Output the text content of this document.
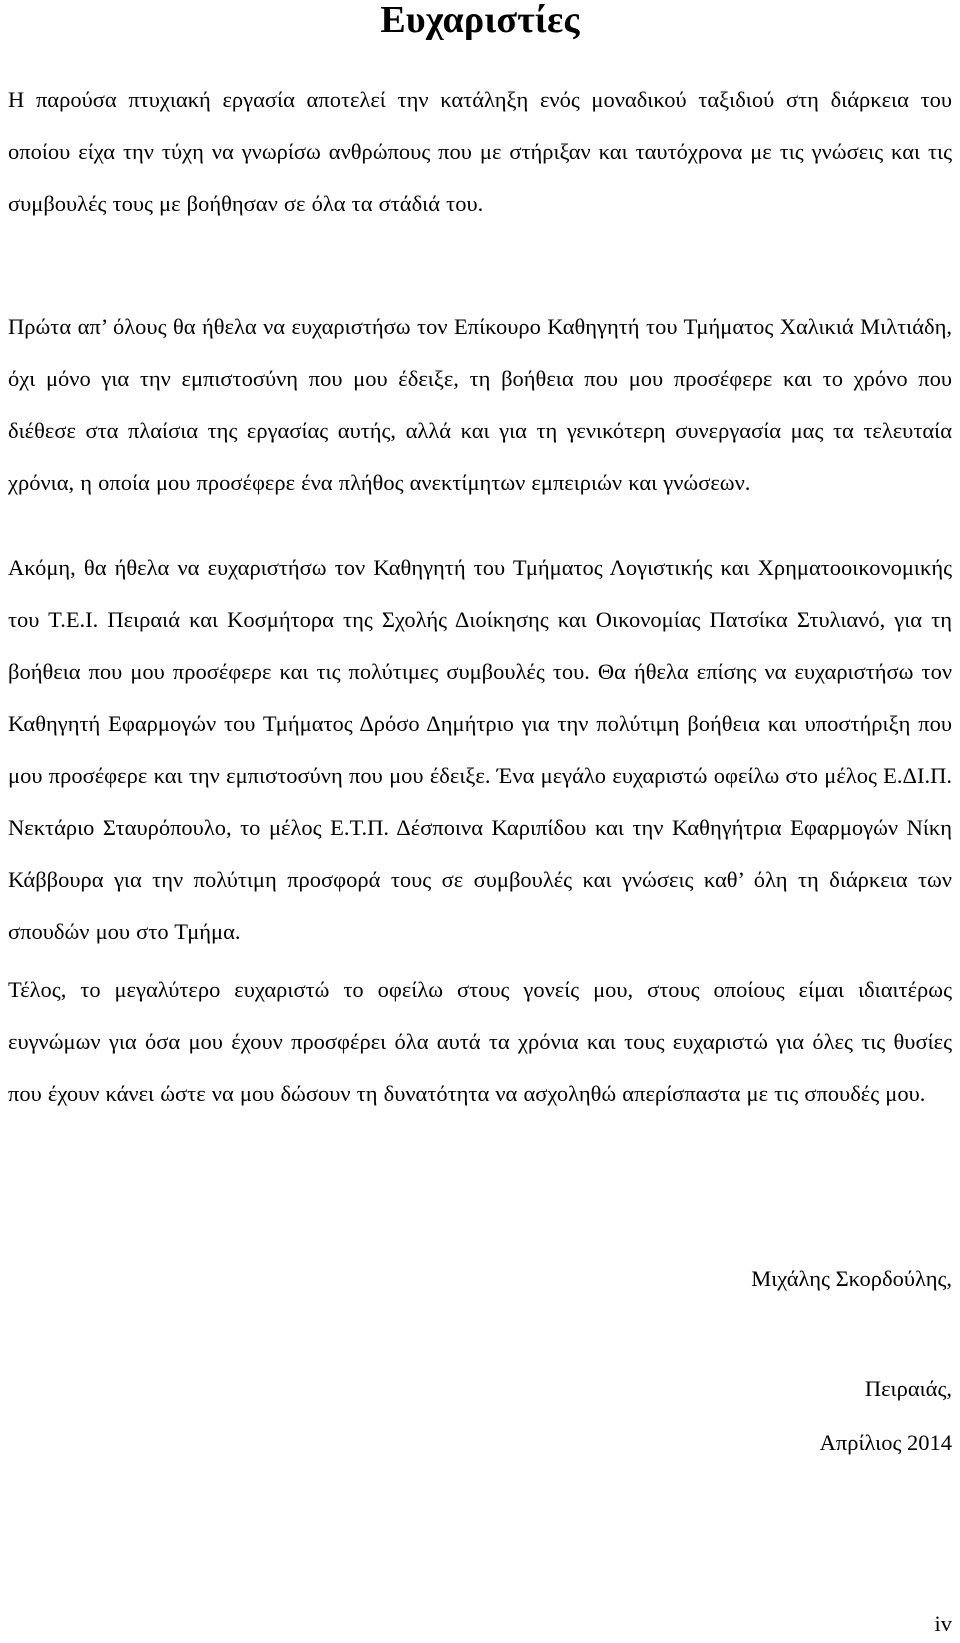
Ευχαριστίες

Η παρούσα πτυχιακή εργασία αποτελεί την κατάληξη ενός μοναδικού ταξιδιού στη διάρκεια του οποίου είχα την τύχη να γνωρίσω ανθρώπους που με στήριξαν και ταυτόχρονα με τις γνώσεις και τις συμβουλές τους με βοήθησαν σε όλα τα στάδιά του.

Πρώτα απ’ όλους θα ήθελα να ευχαριστήσω τον Επίκουρο Καθηγητή του Τμήματος Χαλικιά Μιλτιάδη, όχι μόνο για την εμπιστοσύνη που μου έδειξε, τη βοήθεια που μου προσέφερε και το χρόνο που διέθεσε στα πλαίσια της εργασίας αυτής, αλλά και για τη γενικότερη συνεργασία μας τα τελευταία χρόνια, η οποία μου προσέφερε ένα πλήθος ανεκτίμητων εμπειριών και γνώσεων.

Ακόμη, θα ήθελα να ευχαριστήσω τον Καθηγητή του Τμήματος Λογιστικής και Χρηματοοικονομικής του Τ.Ε.Ι. Πειραιά και Κοσμήτορα της Σχολής Διοίκησης και Οικονομίας Πατσίκα Στυλιανό, για τη βοήθεια που μου προσέφερε και τις πολύτιμες συμβουλές του. Θα ήθελα επίσης να ευχαριστήσω τον Καθηγητή Εφαρμογών του Τμήματος Δρόσο Δημήτριο για την πολύτιμη βοήθεια και υποστήριξη που μου προσέφερε και την εμπιστοσύνη που μου έδειξε. Ένα μεγάλο ευχαριστώ οφείλω στο μέλος Ε.ΔΙ.Π. Νεκτάριο Σταυρόπουλο, το μέλος Ε.Τ.Π. Δέσποινα Καριπίδου και την Καθηγήτρια Εφαρμογών Νίκη Κάββουρα για την πολύτιμη προσφορά τους σε συμβουλές και γνώσεις καθ’ όλη τη διάρκεια των σπουδών μου στο Τμήμα.

Τέλος, το μεγαλύτερο ευχαριστώ το οφείλω στους γονείς μου, στους οποίους είμαι ιδιαιτέρως ευγνώμων για όσα μου έχουν προσφέρει όλα αυτά τα χρόνια και τους ευχαριστώ για όλες τις θυσίες που έχουν κάνει ώστε να μου δώσουν τη δυνατότητα να ασχοληθώ απερίσπαστα με τις σπουδές μου.

Μιχάλης Σκορδούλης,

Πειραιάς,

Απρίλιος 2014

iv
